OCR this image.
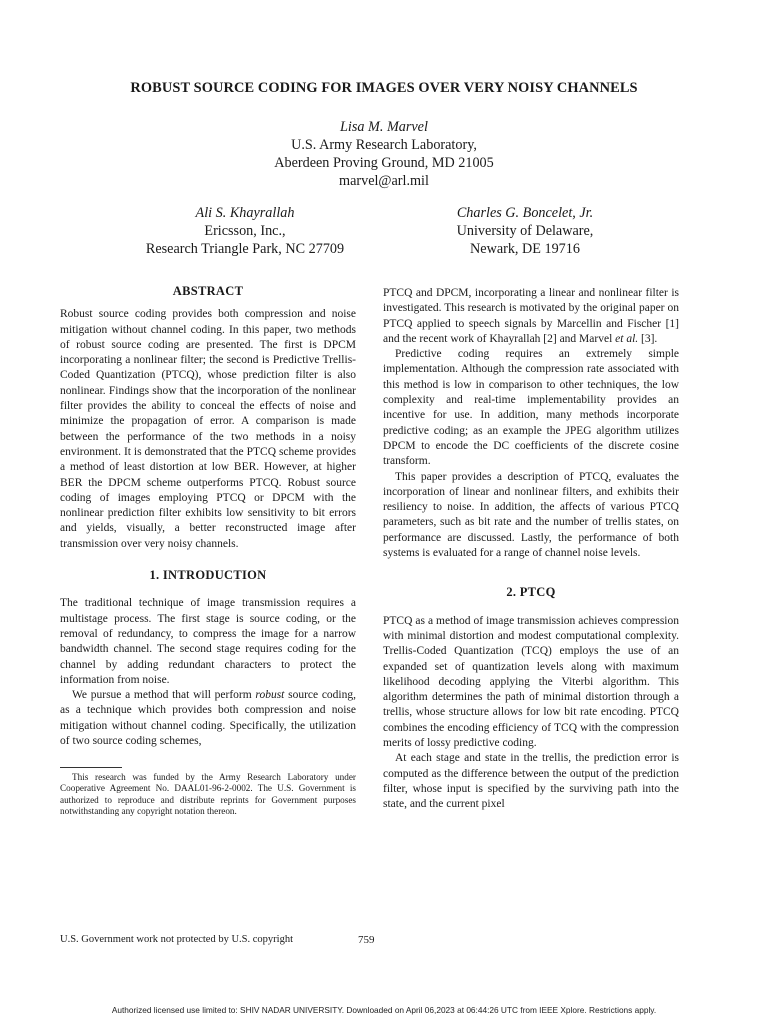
ROBUST SOURCE CODING FOR IMAGES OVER VERY NOISY CHANNELS
Lisa M. Marvel
U.S. Army Research Laboratory,
Aberdeen Proving Ground, MD 21005
marvel@arl.mil
Ali S. Khayrallah
Ericsson, Inc.,
Research Triangle Park, NC 27709
Charles G. Boncelet, Jr.
University of Delaware,
Newark, DE 19716
ABSTRACT

Robust source coding provides both compression and noise mitigation without channel coding. In this paper, two methods of robust source coding are presented. The first is DPCM incorporating a nonlinear filter; the second is Predictive Trellis-Coded Quantization (PTCQ), whose prediction filter is also nonlinear. Findings show that the incorporation of the nonlinear filter provides the ability to conceal the effects of noise and minimize the propagation of error. A comparison is made between the performance of the two methods in a noisy environment. It is demonstrated that the PTCQ scheme provides a method of least distortion at low BER. However, at higher BER the DPCM scheme outperforms PTCQ. Robust source coding of images employing PTCQ or DPCM with the nonlinear prediction filter exhibits low sensitivity to bit errors and yields, visually, a better reconstructed image after transmission over very noisy channels.

1. INTRODUCTION

The traditional technique of image transmission requires a multistage process. The first stage is source coding, or the removal of redundancy, to compress the image for a narrow bandwidth channel. The second stage requires coding for the channel by adding redundant characters to protect the information from noise.

We pursue a method that will perform robust source coding, as a technique which provides both compression and noise mitigation without channel coding. Specifically, the utilization of two source coding schemes,

PTCQ and DPCM, incorporating a linear and nonlinear filter is investigated. This research is motivated by the original paper on PTCQ applied to speech signals by Marcellin and Fischer [1] and the recent work of Khayrallah [2] and Marvel et al. [3].

Predictive coding requires an extremely simple implementation. Although the compression rate associated with this method is low in comparison to other techniques, the low complexity and real-time implementability provides an incentive for use. In addition, many methods incorporate predictive coding; as an example the JPEG algorithm utilizes DPCM to encode the DC coefficients of the discrete cosine transform.

This paper provides a description of PTCQ, evaluates the incorporation of linear and nonlinear filters, and exhibits their resiliency to noise. In addition, the affects of various PTCQ parameters, such as bit rate and the number of trellis states, on performance are discussed. Lastly, the performance of both systems is evaluated for a range of channel noise levels.

2. PTCQ

PTCQ as a method of image transmission achieves compression with minimal distortion and modest computational complexity. Trellis-Coded Quantization (TCQ) employs the use of an expanded set of quantization levels along with maximum likelihood decoding applying the Viterbi algorithm. This algorithm determines the path of minimal distortion through a trellis, whose structure allows for low bit rate encoding. PTCQ combines the encoding efficiency of TCQ with the compression merits of lossy predictive coding.

At each stage and state in the trellis, the prediction error is computed as the difference between the output of the prediction filter, whose input is specified by the surviving path into the state, and the current pixel

This research was funded by the Army Research Laboratory under Cooperative Agreement No. DAAL01-96-2-0002. The U.S. Government is authorized to reproduce and distribute reprints for Government purposes notwithstanding any copyright notation thereon.
U.S. Government work not protected by U.S. copyright	759
Authorized licensed use limited to: SHIV NADAR UNIVERSITY. Downloaded on April 06,2023 at 06:44:26 UTC from IEEE Xplore. Restrictions apply.
